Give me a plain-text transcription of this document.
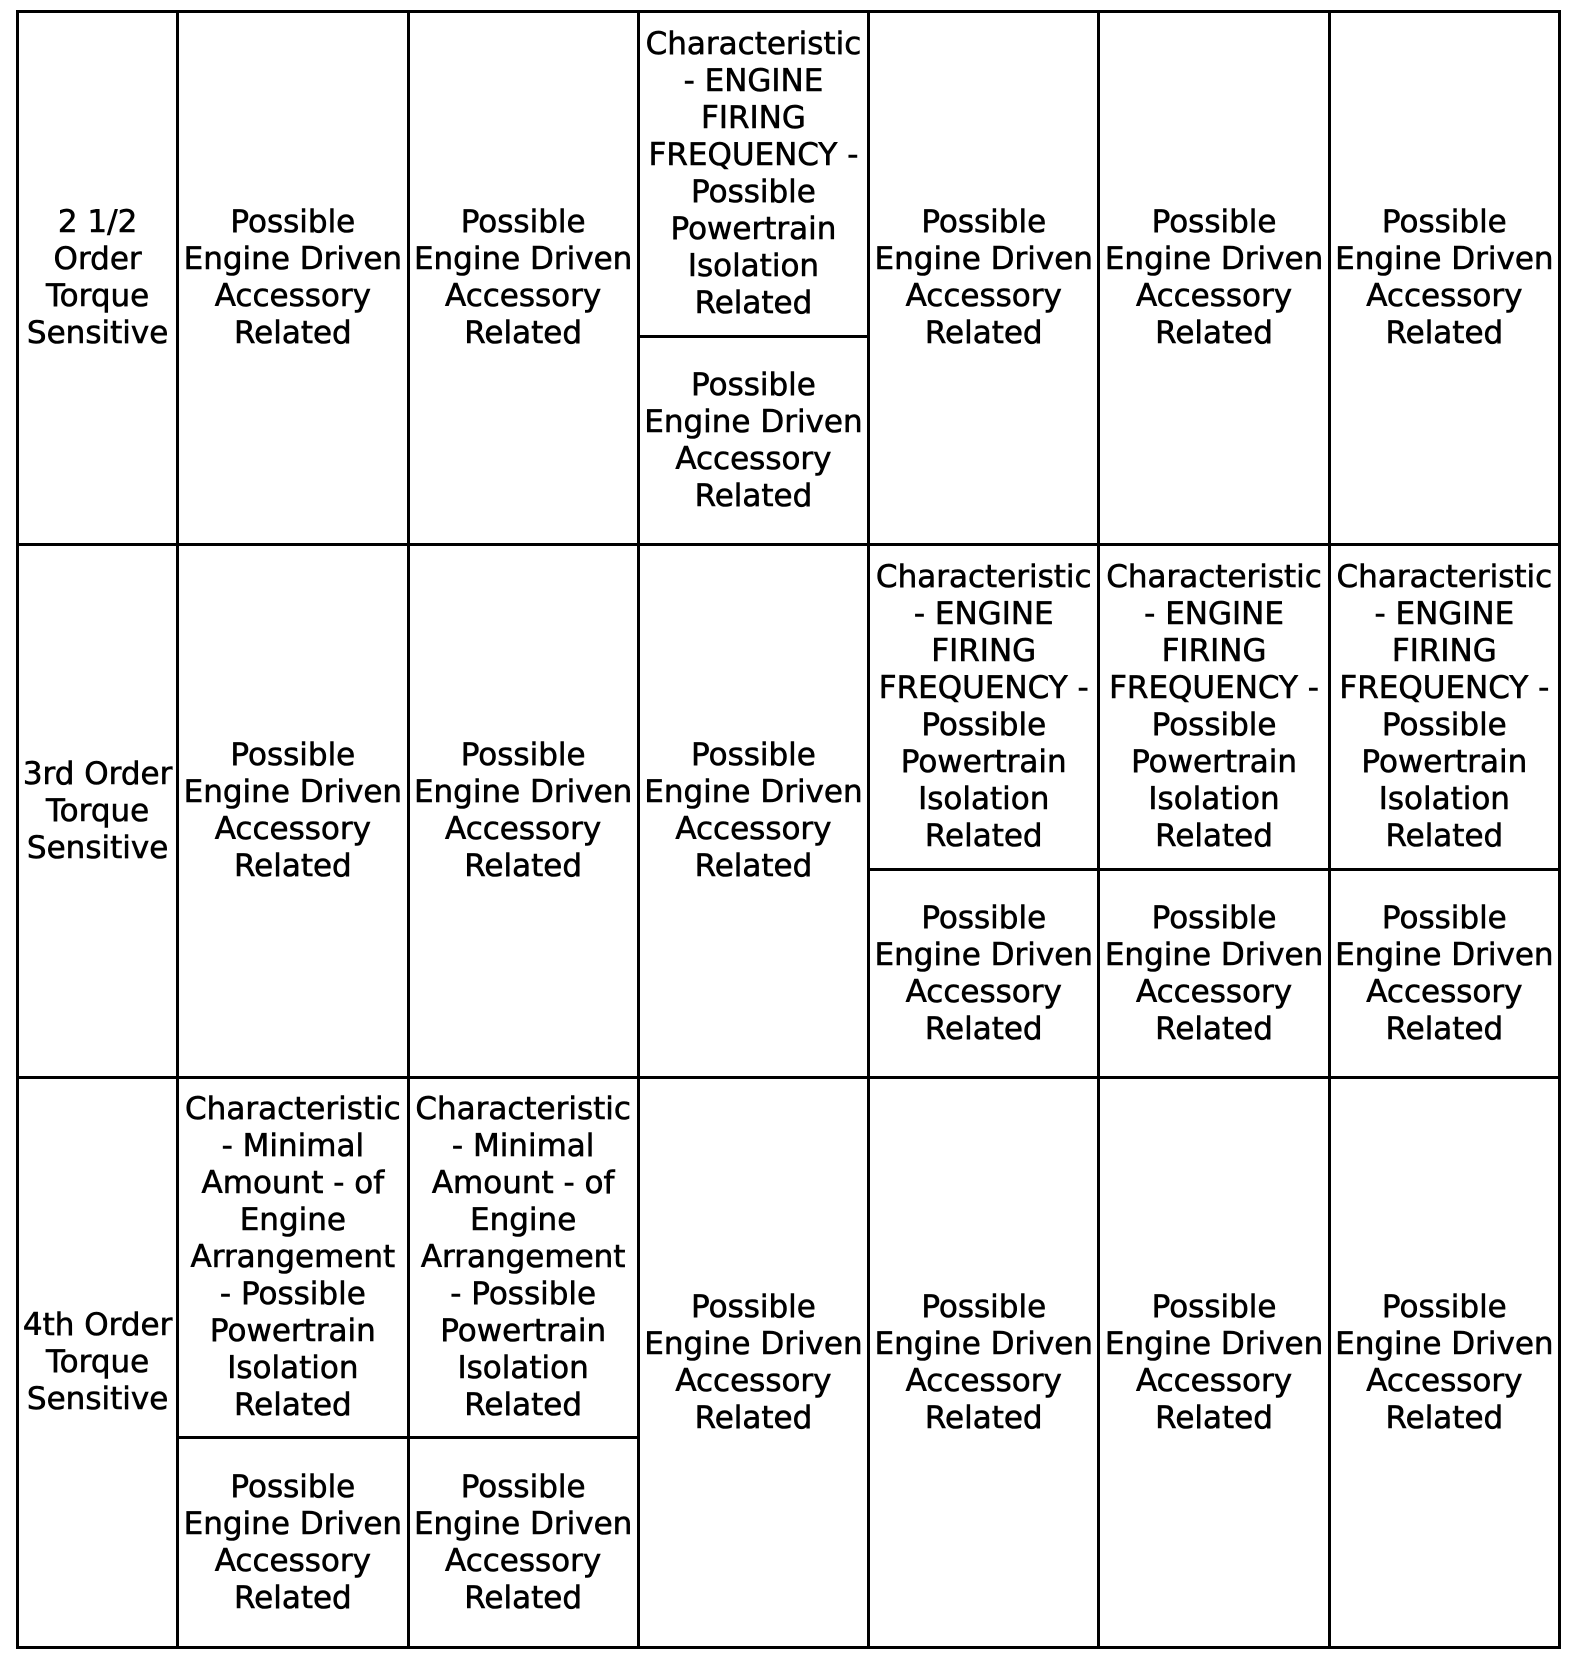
2 1/2 Order Torque Sensitive	Possible Engine Driven Accessory Related	Possible Engine Driven Accessory Related	Characteristic - ENGINE FIRING FREQUENCY - Possible Powertrain Isolation Related	Possible Engine Driven Accessory Related	Possible Engine Driven Accessory Related	Possible Engine Driven Accessory Related
			Possible Engine Driven Accessory Related			
3rd Order Torque Sensitive	Possible Engine Driven Accessory Related	Possible Engine Driven Accessory Related	Possible Engine Driven Accessory Related	Characteristic - ENGINE FIRING FREQUENCY - Possible Powertrain Isolation Related	Characteristic - ENGINE FIRING FREQUENCY - Possible Powertrain Isolation Related	Characteristic - ENGINE FIRING FREQUENCY - Possible Powertrain Isolation Related
				Possible Engine Driven Accessory Related	Possible Engine Driven Accessory Related	Possible Engine Driven Accessory Related
4th Order Torque Sensitive	Characteristic - Minimal Amount - of Engine Arrangement - Possible Powertrain Isolation Related	Characteristic - Minimal Amount - of Engine Arrangement - Possible Powertrain Isolation Related	Possible Engine Driven Accessory Related	Possible Engine Driven Accessory Related	Possible Engine Driven Accessory Related	Possible Engine Driven Accessory Related
	Possible Engine Driven Accessory Related	Possible Engine Driven Accessory Related				
